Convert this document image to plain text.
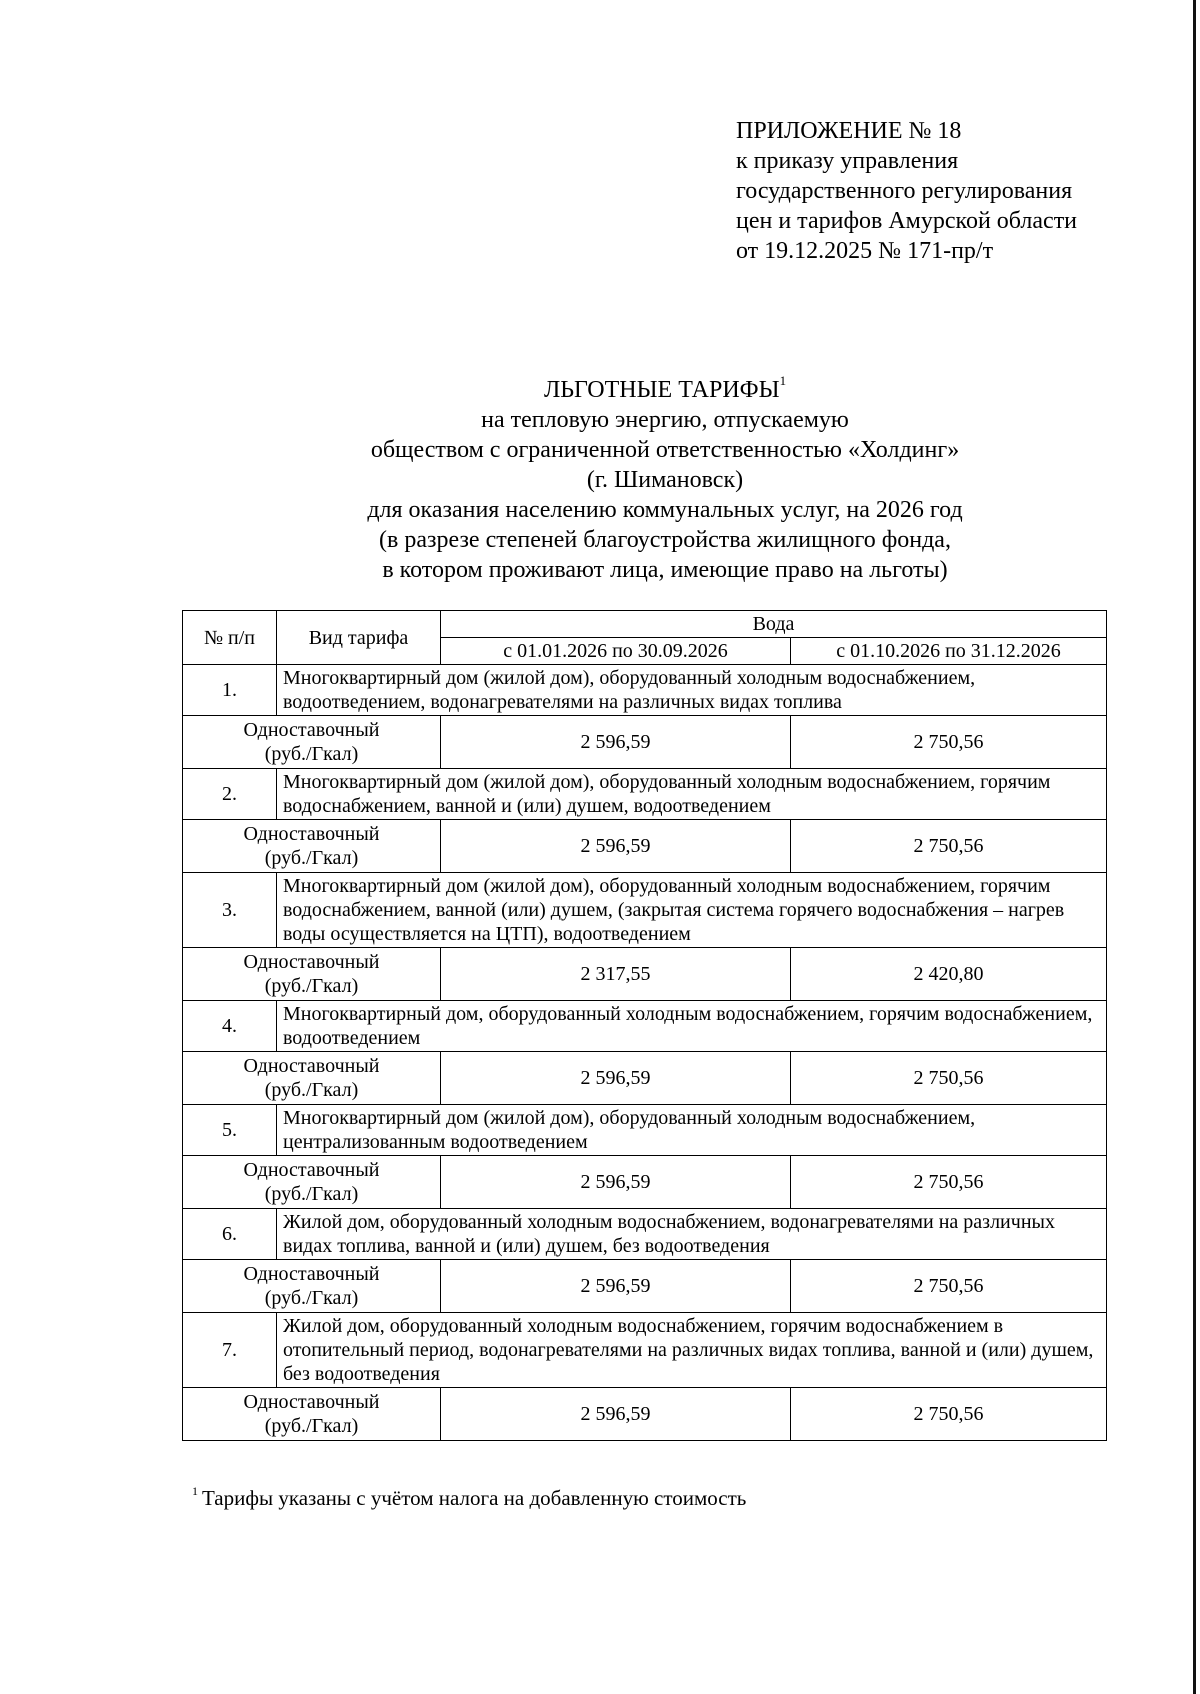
ПРИЛОЖЕНИЕ № 18
к приказу управления
государственного регулирования
цен и тарифов Амурской области
от 19.12.2025 № 171-пр/т
ЛЬГОТНЫЕ ТАРИФЫ$^1$
на тепловую энергию, отпускаемую
обществом с ограниченной ответственностью «Холдинг»
(г. Шимановск)
для оказания населению коммунальных услуг, на 2026 год
(в разрезе степеней благоустройства жилищного фонда,
в котором проживают лица, имеющие право на льготы)
№ п/п	Вид тарифа	Вода	
		с 01.01.2026 по 30.09.2026	с 01.10.2026 по 31.12.2026
1.	Многоквартирный дом (жилой дом), оборудованный холодным водоснабжением, водоотведением, водонагревателями на различных видах топлива		

Одноставочный
(руб./Гкал)		2 596,59	2 750,56
2.	Многоквартирный дом (жилой дом), оборудованный холодным водоснабжением, горячим водоснабжением, ванной и (или) душем, водоотведением		

Одноставочный
(руб./Гкал)		2 596,59	2 750,56
3.	Многоквартирный дом (жилой дом), оборудованный холодным водоснабжением, горячим водоснабжением, ванной (или) душем, (закрытая система горячего водоснабжения – нагрев воды осуществляется на ЦТП), водоотведением		

Одноставочный
(руб./Гкал)		2 317,55	2 420,80
4.	Многоквартирный дом, оборудованный холодным водоснабжением, горячим водоснабжением, водоотведением		

Одноставочный
(руб./Гкал)		2 596,59	2 750,56
5.	Многоквартирный дом (жилой дом), оборудованный холодным водоснабжением, централизованным водоотведением		

Одноставочный
(руб./Гкал)		2 596,59	2 750,56
6.	Жилой дом, оборудованный холодным водоснабжением, водонагревателями на различных видах топлива, ванной и (или) душем, без водоотведения		

Одноставочный
(руб./Гкал)		2 596,59	2 750,56
7.	Жилой дом, оборудованный холодным водоснабжением, горячим водоснабжением в отопительный период, водонагревателями на различных видах топлива, ванной и (или) душем, без водоотведения		

Одноставочный
(руб./Гкал)		2 596,59	2 750,56
$^1$ Тарифы указаны с учётом налога на добавленную стоимость
